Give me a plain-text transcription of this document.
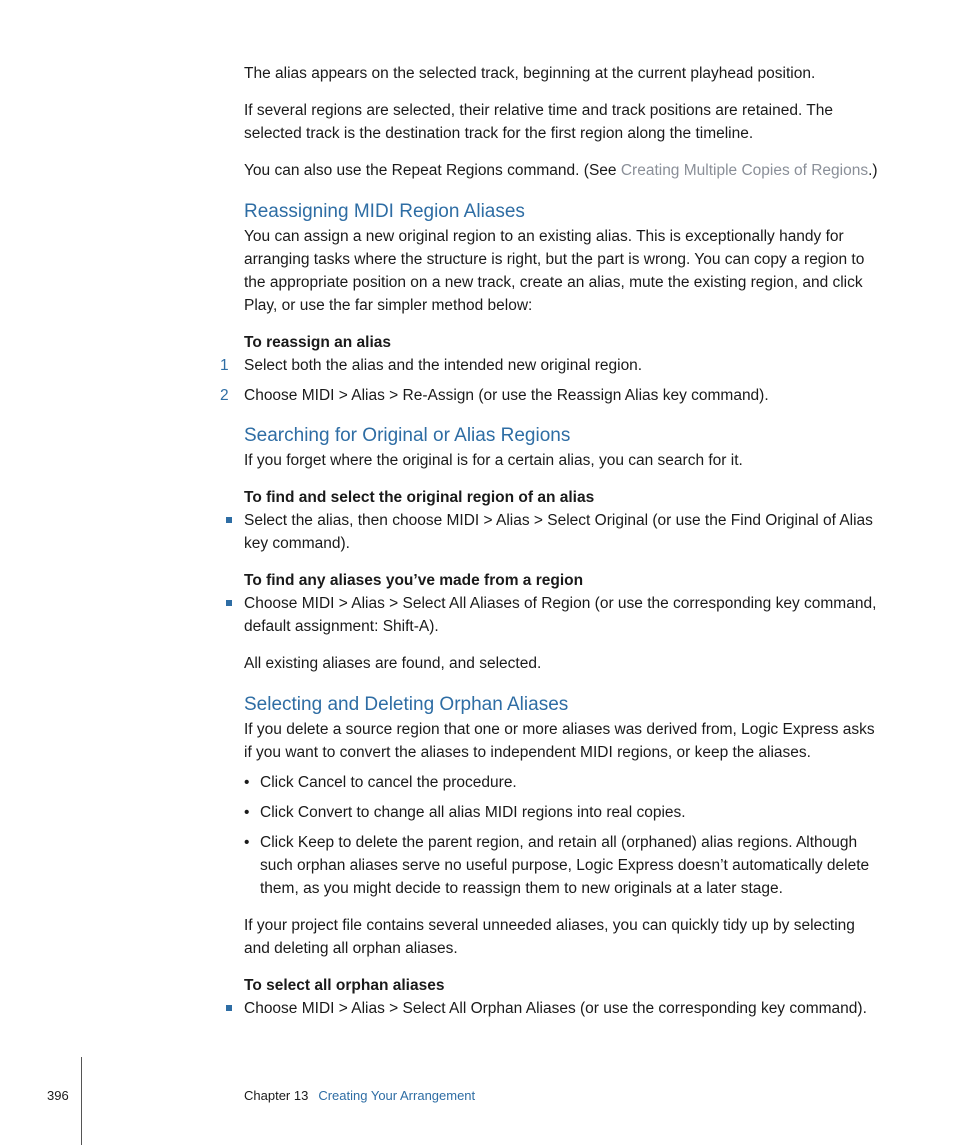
The alias appears on the selected track, beginning at the current playhead position.

If several regions are selected, their relative time and track positions are retained. The selected track is the destination track for the first region along the timeline.

You can also use the Repeat Regions command. (See Creating Multiple Copies of Regions.)

Reassigning MIDI Region Aliases

You can assign a new original region to an existing alias. This is exceptionally handy for arranging tasks where the structure is right, but the part is wrong. You can copy a region to the appropriate position on a new track, create an alias, mute the existing region, and click Play, or use the far simpler method below:

To reassign an alias

1 Select both the alias and the intended new original region.

2 Choose MIDI > Alias > Re-Assign (or use the Reassign Alias key command).

Searching for Original or Alias Regions

If you forget where the original is for a certain alias, you can search for it.

To find and select the original region of an alias

Select the alias, then choose MIDI > Alias > Select Original (or use the Find Original of Alias key command).

To find any aliases you’ve made from a region

Choose MIDI > Alias > Select All Aliases of Region (or use the corresponding key command, default assignment: Shift-A).

All existing aliases are found, and selected.

Selecting and Deleting Orphan Aliases

If you delete a source region that one or more aliases was derived from, Logic Express asks if you want to convert the aliases to independent MIDI regions, or keep the aliases.

• Click Cancel to cancel the procedure.

• Click Convert to change all alias MIDI regions into real copies.

• Click Keep to delete the parent region, and retain all (orphaned) alias regions. Although such orphan aliases serve no useful purpose, Logic Express doesn’t automatically delete them, as you might decide to reassign them to new originals at a later stage.

If your project file contains several unneeded aliases, you can quickly tidy up by selecting and deleting all orphan aliases.

To select all orphan aliases

Choose MIDI > Alias > Select All Orphan Aliases (or use the corresponding key command).

396	Chapter 13 Creating Your Arrangement
